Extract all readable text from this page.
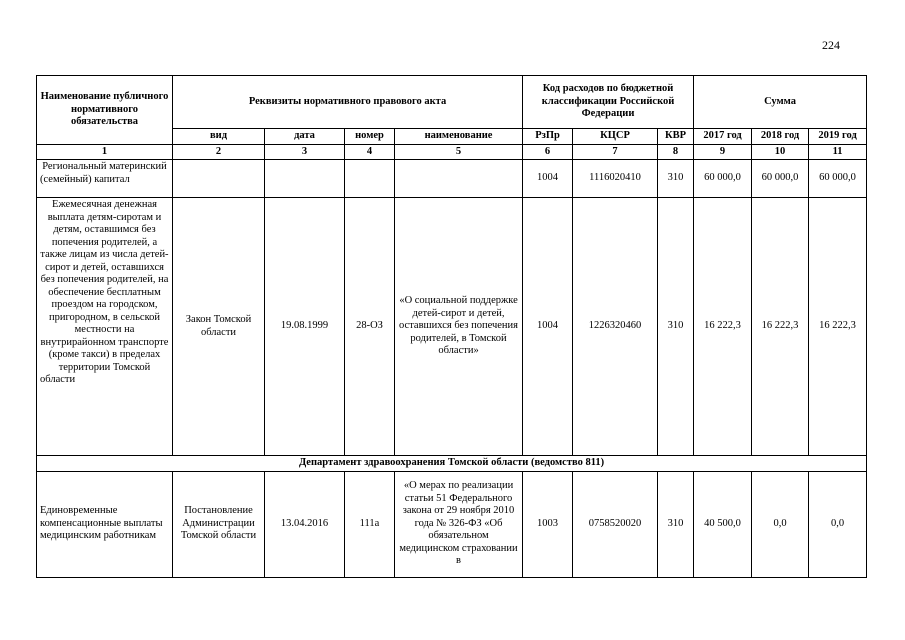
224
Наименование публичного нормативного обязательства	Реквизиты нормативного правового акта				Код расходов по бюджетной классификации Российской Федерации			Сумма		
	вид	дата	номер	наименование	РзПр	КЦСР	КВР	2017 год	2018 год	2019 год
1	2	3	4	5	6	7	8	9	10	11
Региональный материнский (семейный) капитал					1004	1116020410	310	60 000,0	60 000,0	60 000,0
Ежемесячная денежная выплата детям-сиротам и детям, оставшимся без попечения родителей, а также лицам из числа детей-сирот и детей, оставшихся без попечения родителей, на обеспечение бесплатным проездом на городском, пригородном, в сельской местности на внутрирайонном транспорте (кроме такси) в пределах территории Томской области	Закон Томской области	19.08.1999	28-ОЗ	«О социальной поддержке детей-сирот и детей, оставшихся без попечения родителей, в Томской области»	1004	1226320460	310	16 222,3	16 222,3	16 222,3
Департамент здравоохранения Томской области (ведомство 811)										
Единовременные компенсационные выплаты медицинским работникам	Постановление Администрации Томской области	13.04.2016	111а	«О мерах по реализации статьи 51 Федерального закона от 29 ноября 2010 года № 326-ФЗ «Об обязательном медицинском страховании в	1003	0758520020	310	40 500,0	0,0	0,0
